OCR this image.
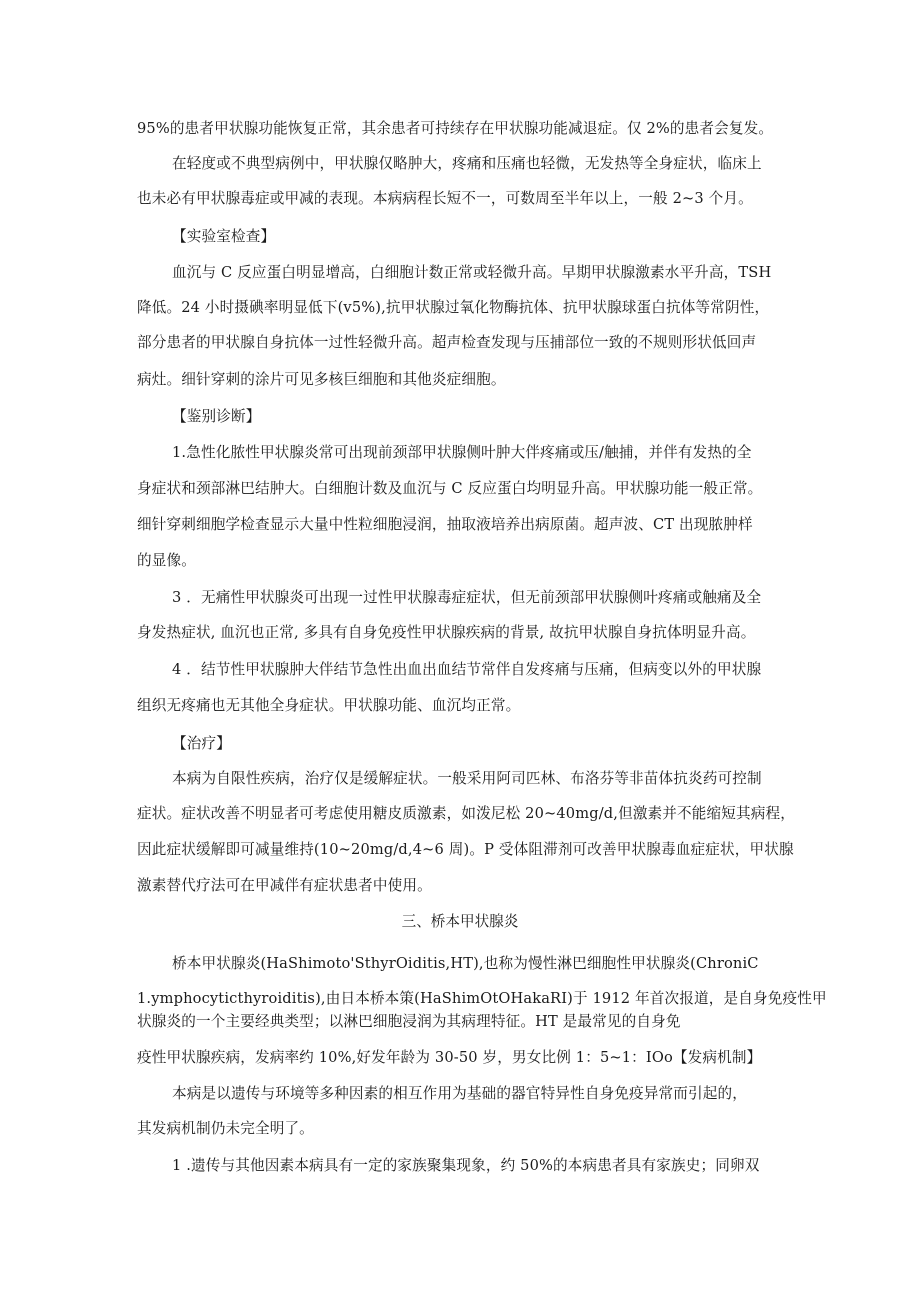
95%的患者甲状腺功能恢复正常，其余患者可持续存在甲状腺功能减退症。仅 2%的患者会复发。
在轻度或不典型病例中，甲状腺仅略肿大，疼痛和压痛也轻微，无发热等全身症状，临床上
也未必有甲状腺毒症或甲减的表现。本病病程长短不一，可数周至半年以上，一般 2~3 个月。
【实验室检查】
血沉与 C 反应蛋白明显增高，白细胞计数正常或轻微升高。早期甲状腺激素水平升高，TSH
降低。24 小时摄碘率明显低下(v5%),抗甲状腺过氧化物酶抗体、抗甲状腺球蛋白抗体等常阴性，
部分患者的甲状腺自身抗体一过性轻微升高。超声检查发现与压捕部位一致的不规则形状低回声
病灶。细针穿刺的涂片可见多核巨细胞和其他炎症细胞。
【鉴别诊断】
1.急性化脓性甲状腺炎常可出现前颈部甲状腺侧叶肿大伴疼痛或压/触捕，并伴有发热的全
身症状和颈部淋巴结肿大。白细胞计数及血沉与 C 反应蛋白均明显升高。甲状腺功能一般正常。
细针穿刺细胞学检查显示大量中性粒细胞浸润，抽取液培养出病原菌。超声波、CT 出现脓肿样
的显像。
3 ．无痛性甲状腺炎可出现一过性甲状腺毒症症状，但无前颈部甲状腺侧叶疼痛或触痛及全
身发热症状, 血沉也正常, 多具有自身免疫性甲状腺疾病的背景, 故抗甲状腺自身抗体明显升高。
4 ．结节性甲状腺肿大伴结节急性出血出血结节常伴自发疼痛与压痛，但病变以外的甲状腺
组织无疼痛也无其他全身症状。甲状腺功能、血沉均正常。
【治疗】
本病为自限性疾病，治疗仅是缓解症状。一般采用阿司匹林、布洛芬等非苗体抗炎药可控制
症状。症状改善不明显者可考虑使用糖皮质激素，如泼尼松 20~40mg/d,但激素并不能缩短其病程，
因此症状缓解即可减量维持(10~20mg/d,4~6 周)。P 受体阻滞剂可改善甲状腺毒血症症状，甲状腺
激素替代疗法可在甲减伴有症状患者中使用。
三、桥本甲状腺炎
桥本甲状腺炎(HaShimoto'SthyrOiditis,HT),也称为慢性淋巴细胞性甲状腺炎(ChroniC
1.ymphocyticthyroiditis),由日本桥本策(HaShimOtOHakaRI)于 1912 年首次报道，是自身免疫性甲
状腺炎的一个主要经典类型；以淋巴细胞浸润为其病理特征。HT 是最常见的自身免
疫性甲状腺疾病，发病率约 10%,好发年龄为 30-50 岁，男女比例 1：5~1：IOo【发病机制】
本病是以遗传与环境等多种因素的相互作用为基础的器官特异性自身免疫异常而引起的，
其发病机制仍未完全明了。
1 .遗传与其他因素本病具有一定的家族聚集现象，约 50%的本病患者具有家族史；同卵双
